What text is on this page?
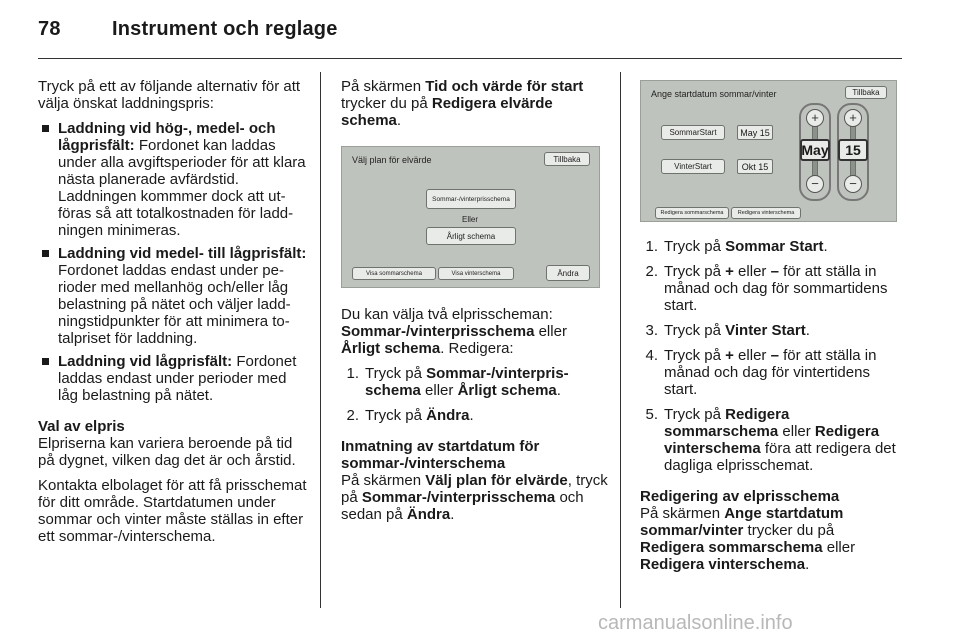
78	Instrument och reglage

Tryck på ett av följande alternativ för att välja önskat laddningspris:

Laddning vid hög-, medel- och lågprisfält: Fordonet kan laddas under alla avgiftsperioder för att klara nästa planerade avfärdstid. Laddningen kommmer dock att utföras så att totalkostnaden för laddningen minimeras.
Laddning vid medel- till lågprisfält: Fordonet laddas endast under perioder med mellanhög och/eller låg belastning på nätet och väljer laddningstidpunkter för att minimera totalpriset för laddning.
Laddning vid lågprisfält: Fordonet laddas endast under perioder med låg belastning på nätet.

Val av elpris

Elpriserna kan variera beroende på tid på dygnet, vilken dag det är och årstid.

Kontakta elbolaget för att få prisschemat för ditt område. Startdatumen under sommar och vinter måste ställas in efter ett sommar-/vinterschema.

På skärmen Tid och värde för start trycker du på Redigera elvärde schema.

Välj plan för elvärde	Tillbaka
Sommar-/vinterprisschema
Eller
Årligt schema
Visa sommarschema	Visa vinterschema	Ändra

Du kan välja två elprisscheman: Sommar-/vinterprisschema eller Årligt schema. Redigera:

1. Tryck på Sommar-/vinterprisschema eller Årligt schema.
2. Tryck på Ändra.

Inmatning av startdatum för sommar-/vinterschema

På skärmen Välj plan för elvärde, tryck på Sommar-/vinterprisschema och sedan på Ändra.

Ange startdatum sommar/vinter	Tillbaka
SommarStart	May 15
VinterStart	Okt 15
+	+
May	15
−	−
Redigera sommarschema	Redigera vinterschema
1. Tryck på Sommar Start.
2. Tryck på + eller – för att ställa in månad och dag för sommartidens start.
3. Tryck på Vinter Start.
4. Tryck på + eller – för att ställa in månad och dag för vintertidens start.
5. Tryck på Redigera sommarschema eller Redigera vinterschema föra att redigera det dagliga elprisschemat.

Redigering av elprisschema

På skärmen Ange startdatum sommar/vinter trycker du på Redigera sommarschema eller Redigera vinterschema.

carmanualsonline.info
